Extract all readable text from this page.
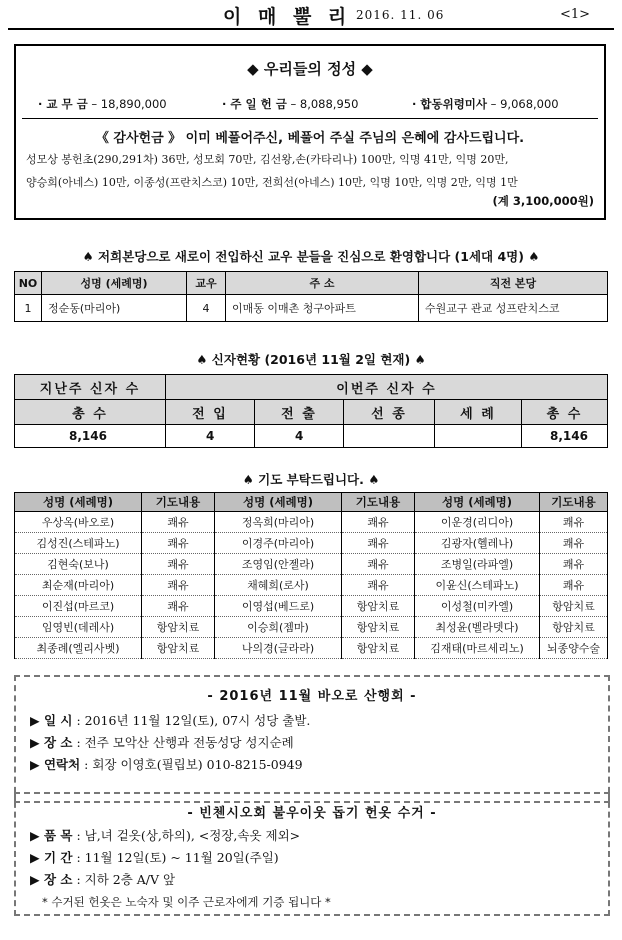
이 매 뿔 리 2016. 11. 06	<1>
◆ 우리들의 정성 ◆
· 교 무 금 – 18,890,000	· 주 일 헌 금 – 8,088,950	· 합동위령미사 – 9,068,000
《 감사헌금 》 이미 베풀어주신, 베풀어 주실 주님의 은혜에 감사드립니다.
성모상 봉헌초(290,291차) 36만, 성모회 70만, 김선왕,손(카타리나) 100만, 익명 41만, 익명 20만,
양승희(아네스) 10만, 이종성(프란치스코) 10만, 전희선(아네스) 10만, 익명 10만, 익명 2만, 익명 1만
(계 3,100,000원)
♠ 저희본당으로 새로이 전입하신 교우 분들을 진심으로 환영합니다 (1세대 4명) ♠
NO	성명 (세례명)	교우	주 소	직전 본당
1	정순동(마리아)	4	이매동 이매촌 청구아파트	수원교구 관교 성프란치스코
♠ 신자현황 (2016년 11월 2일 현재) ♠
지난주 신자 수	이번주 신자 수				
총 수	전 입	전 출	선 종	세 례	총 수
8,146	4	4			8,146
♠ 기도 부탁드립니다. ♠
성명 (세례명)	기도내용	성명 (세례명)	기도내용	성명 (세례명)	기도내용
우상옥(바오로)	쾌유	정옥희(마리아)	쾌유	이운경(리디아)	쾌유
김성진(스테파노)	쾌유	이경주(마리아)	쾌유	김광자(헬레나)	쾌유
김현숙(보나)	쾌유	조영임(안젤라)	쾌유	조병일(라파엘)	쾌유
최순재(마리아)	쾌유	채혜희(로사)	쾌유	이윤신(스테파노)	쾌유
이진섭(마르코)	쾌유	이영섭(베드로)	항암치료	이성철(미카엘)	항암치료
임영빈(데레사)	항암치료	이승희(젬마)	항암치료	최성윤(벨라뎃다)	항암치료
최종례(엘리사벳)	항암치료	나의경(글라라)	항암치료	김재태(마르세리노)	뇌종양수술
- 2016년 11월 바오로 산행회 -
▶ 일 시 : 2016년 11월 12일(토), 07시 성당 출발.
▶ 장 소 : 전주 모악산 산행과 전동성당 성지순례
▶ 연락처 : 회장 이영호(필립보) 010-8215-0949
- 빈첸시오회 불우이웃 돕기 헌옷 수거 -
▶ 품 목 : 남,녀 겉옷(상,하의), <정장,속옷 제외>
▶ 기 간 : 11월 12일(토) ~ 11월 20일(주일)
▶ 장 소 : 지하 2층 A/V 앞
* 수거된 헌옷은 노숙자 및 이주 근로자에게 기증 됩니다 *
